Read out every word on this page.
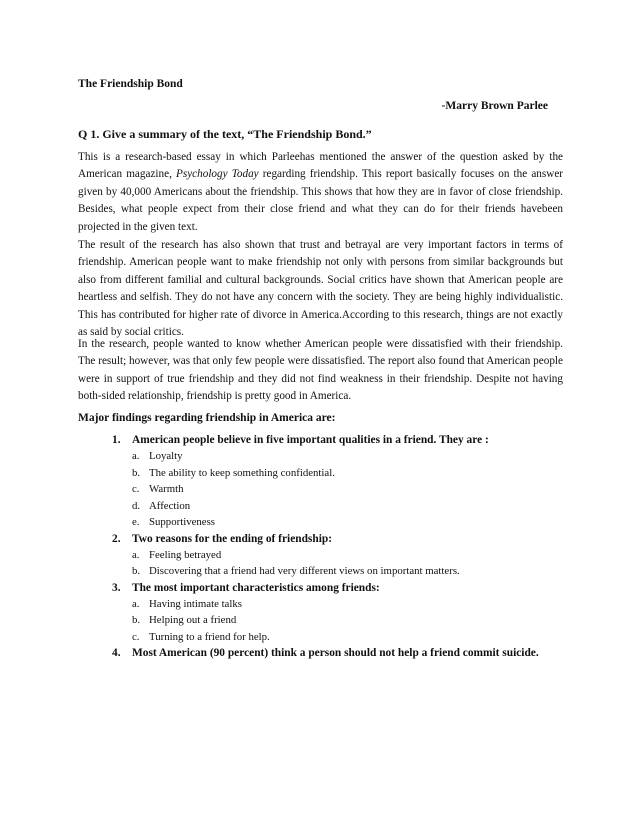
The Friendship Bond
-Marry Brown Parlee
Q 1. Give a summary of the text, “The Friendship Bond.”

This is a research-based essay in which Parleehas mentioned the answer of the question asked by the American magazine, Psychology Today regarding friendship. This report basically focuses on the answer given by 40,000 Americans about the friendship. This shows that how they are in favor of close friendship. Besides, what people expect from their close friend and what they can do for their friends havebeen projected in the given text.

The result of the research has also shown that trust and betrayal are very important factors in terms of friendship. American people want to make friendship not only with persons from similar backgrounds but also from different familial and cultural backgrounds. Social critics have shown that American people are heartless and selfish. They do not have any concern with the society. They are being highly individualistic. This has contributed for higher rate of divorce in America.According to this research, things are not exactly as said by social critics.

In the research, people wanted to know whether American people were dissatisfied with their friendship. The result; however, was that only few people were dissatisfied. The report also found that American people were in support of true friendship and they did not find weakness in their friendship. Despite not having both-sided relationship, friendship is pretty good in America.

Major findings regarding friendship in America are:
1. American people believe in five important qualities in a friend. They are :
a. Loyalty
b. The ability to keep something confidential.
c. Warmth
d. Affection
e. Supportiveness
2. Two reasons for the ending of friendship:
a. Feeling betrayed
b. Discovering that a friend had very different views on important matters.
3. The most important characteristics among friends:
a. Having intimate talks
b. Helping out a friend
c. Turning to a friend for help.
4. Most American (90 percent) think a person should not help a friend commit suicide.
